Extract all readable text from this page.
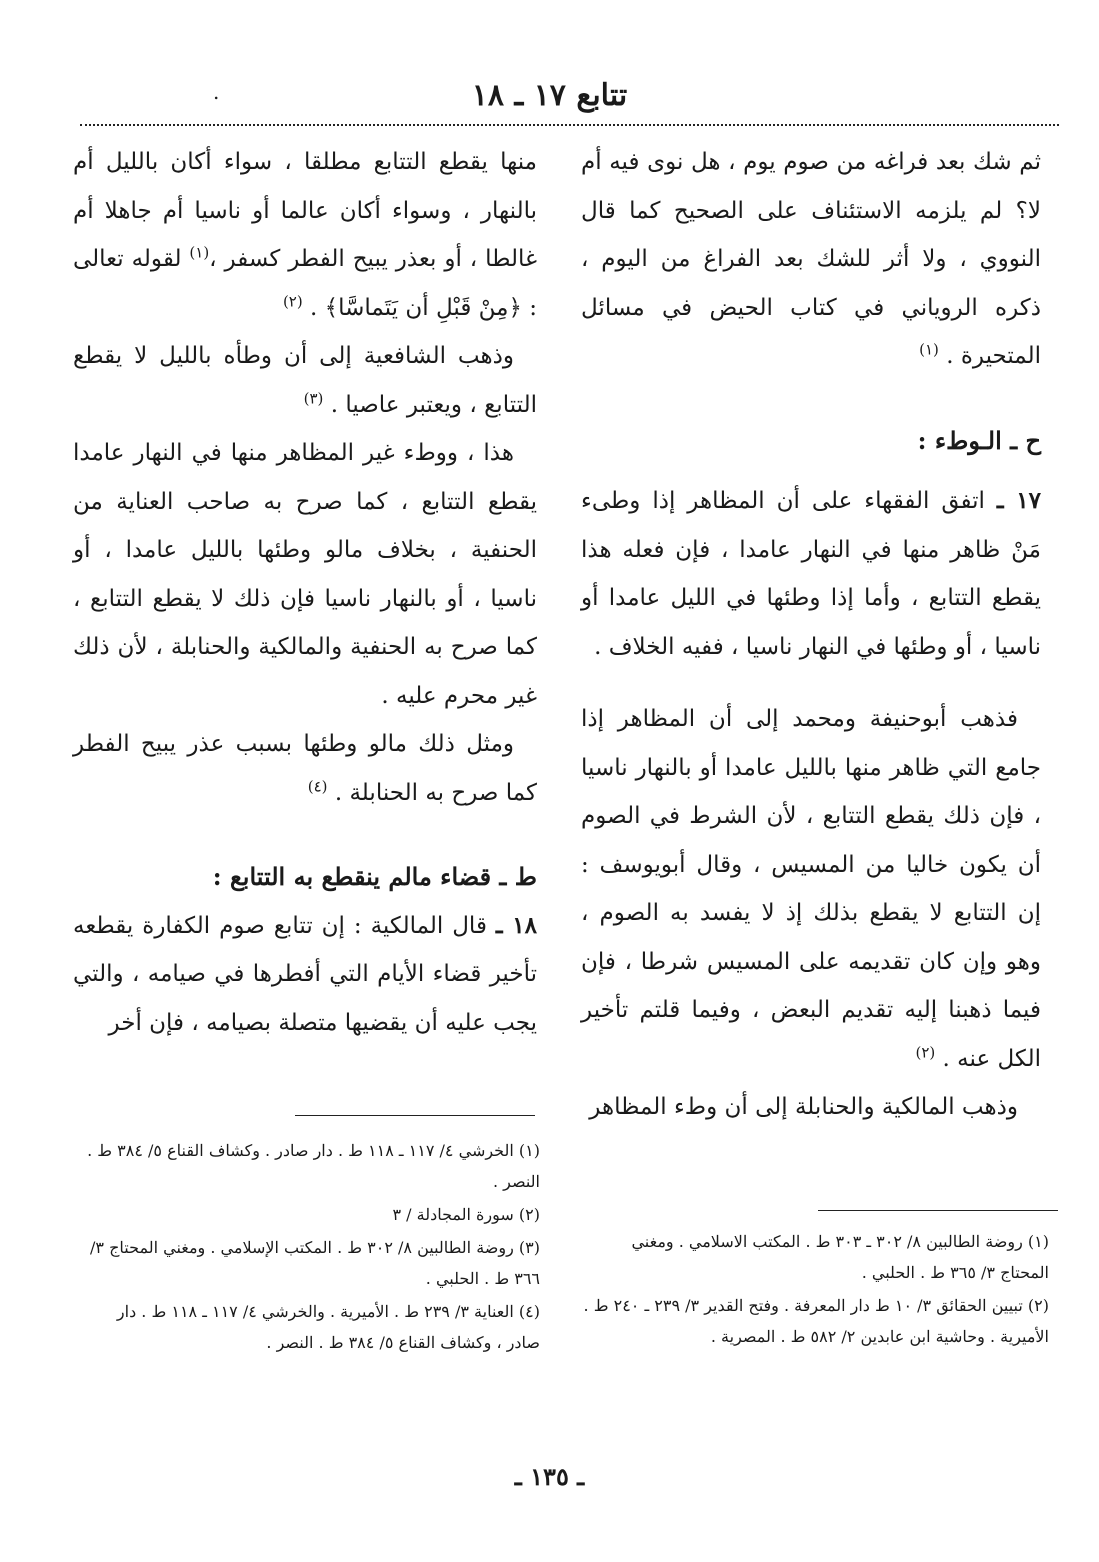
تتابع ١٧ ـ ١٨
.

ثم شك بعد فراغه من صوم يوم ، هل نوى فيه أم لا؟ لم يلزمه الاستئناف على الصحيح كما قال النووي ، ولا أثر للشك بعد الفراغ من اليوم ، ذكره الروياني في كتاب الحيض في مسائل المتحيرة . $^{(١)}$

ح ـ الـوطء :

١٧ ـ اتفق الفقهاء على أن المظاهر إذا وطىء مَنْ ظاهر منها في النهار عامدا ، فإن فعله هذا يقطع التتابع ، وأما إذا وطئها في الليل عامدا أو ناسيا ، أو وطئها في النهار ناسيا ، ففيه الخلاف .

 فذهب أبوحنيفة ومحمد إلى أن المظاهر إذا جامع التي ظاهر منها بالليل عامدا أو بالنهار ناسيا ، فإن ذلك يقطع التتابع ، لأن الشرط في الصوم أن يكون خاليا من المسيس ، وقال أبويوسف : إن التتابع لا يقطع بذلك إذ لا يفسد به الصوم ، وهو وإن كان تقديمه على المسيس شرطا ، فإن فيما ذهبنا إليه تقديم البعض ، وفيما قلتم تأخير الكل عنه . $^{(٢)}$

 وذهب المالكية والحنابلة إلى أن وطء المظاهر

منها يقطع التتابع مطلقا ، سواء أكان بالليل أم بالنهار ، وسواء أكان عالما أو ناسيا أم جاهلا أم غالطا ، أو بعذر يبيح الفطر كسفر ،$^{(١)}$ لقوله تعالى : ﴿مِنْ قَبْلِ أن يَتَماسَّا﴾ . $^{(٢)}$

 وذهب الشافعية إلى أن وطأه بالليل لا يقطع التتابع ، ويعتبر عاصيا . $^{(٣)}$

 هذا ، ووطء غير المظاهر منها في النهار عامدا يقطع التتابع ، كما صرح به صاحب العناية من الحنفية ، بخلاف مالو وطئها بالليل عامدا ، أو ناسيا ، أو بالنهار ناسيا فإن ذلك لا يقطع التتابع ، كما صرح به الحنفية والمالكية والحنابلة ، لأن ذلك غير محرم عليه .

 ومثل ذلك مالو وطئها بسبب عذر يبيح الفطر كما صرح به الحنابلة . $^{(٤)}$

ط ـ قضاء مالم ينقطع به التتابع :

١٨ ـ قال المالكية : إن تتابع صوم الكفارة يقطعه تأخير قضاء الأيام التي أفطرها في صيامه ، والتي يجب عليه أن يقضيها متصلة بصيامه ، فإن أخر

(١) الخرشي ٤/ ١١٧ ـ ١١٨ ط . دار صادر . وكشاف القناع ٥/ ٣٨٤ ط . النصر .

(٢) سورة المجادلة / ٣

(٣) روضة الطالبين ٨/ ٣٠٢ ط . المكتب الإسلامي . ومغني المحتاج ٣/ ٣٦٦ ط . الحلبي .

(٤) العناية ٣/ ٢٣٩ ط . الأميرية . والخرشي ٤/ ١١٧ ـ ١١٨ ط . دار صادر ، وكشاف القناع ٥/ ٣٨٤ ط . النصر .

(١) روضة الطالبين ٨/ ٣٠٢ ـ ٣٠٣ ط . المكتب الاسلامي . ومغني المحتاج ٣/ ٣٦٥ ط . الحلبي .

(٢) تبيين الحقائق ٣/ ١٠ ط دار المعرفة . وفتح القدير ٣/ ٢٣٩ ـ ٢٤٠ ط . الأميرية . وحاشية ابن عابدين ٢/ ٥٨٢ ط . المصرية .

ـ ١٣٥ ـ
